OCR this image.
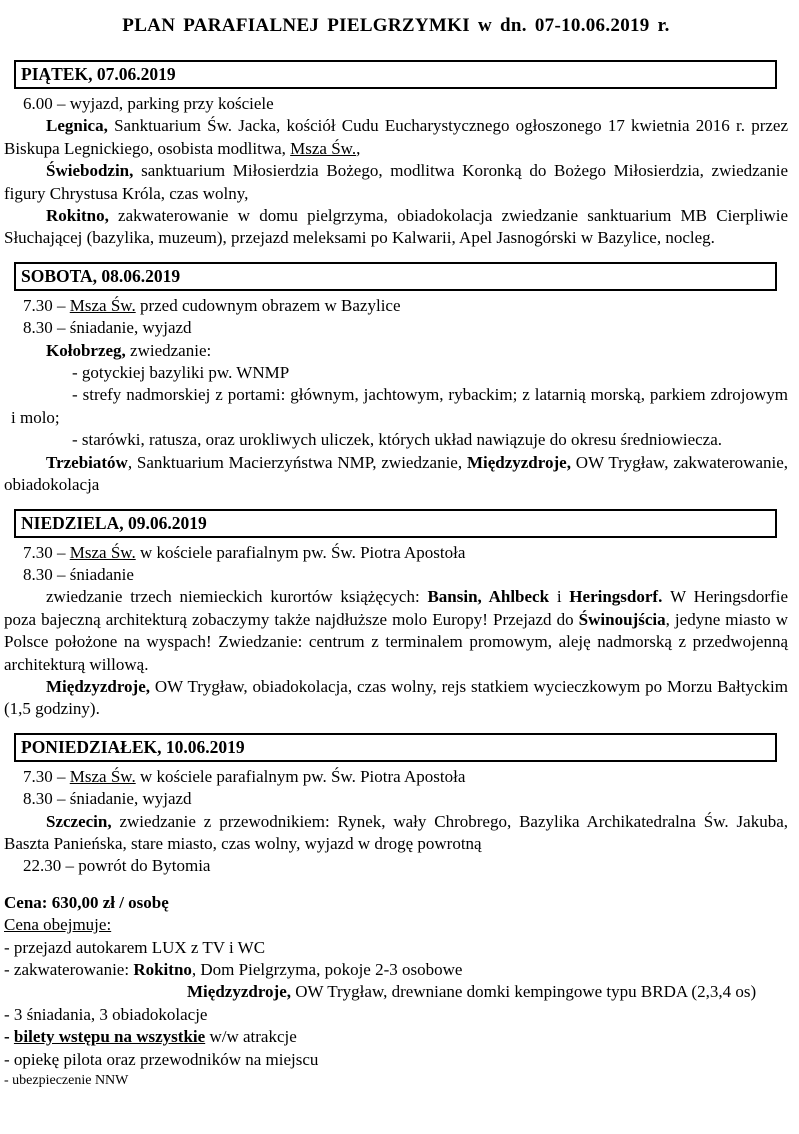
PLAN PARAFIALNEJ PIELGRZYMKI w dn. 07-10.06.2019 r.
PIĄTEK, 07.06.2019

6.00 – wyjazd, parking przy kościele

Legnica, Sanktuarium Św. Jacka, kościół Cudu Eucharystycznego ogłoszonego 17 kwietnia 2016 r. przez Biskupa Legnickiego, osobista modlitwa, Msza Św.,

Świebodzin, sanktuarium Miłosierdzia Bożego, modlitwa Koronką do Bożego Miłosierdzia, zwiedzanie figury Chrystusa Króla, czas wolny,

Rokitno, zakwaterowanie w domu pielgrzyma, obiadokolacja zwiedzanie sanktuarium MB Cierpliwie Słuchającej (bazylika, muzeum), przejazd meleksami po Kalwarii, Apel Jasnogórski w Bazylice, nocleg.

SOBOTA, 08.06.2019

7.30 – Msza Św. przed cudownym obrazem w Bazylice

8.30 – śniadanie, wyjazd

Kołobrzeg, zwiedzanie:

- gotyckiej bazyliki pw. WNMP

- strefy nadmorskiej z portami: głównym, jachtowym, rybackim; z latarnią morską, parkiem zdrojowym i molo;

- starówki, ratusza, oraz urokliwych uliczek, których układ nawiązuje do okresu średniowiecza.

Trzebiatów, Sanktuarium Macierzyństwa NMP, zwiedzanie, Międzyzdroje, OW Trygław, zakwaterowanie, obiadokolacja

NIEDZIELA, 09.06.2019

7.30 – Msza Św. w kościele parafialnym pw. Św. Piotra Apostoła

8.30 – śniadanie

zwiedzanie trzech niemieckich kurortów książęcych: Bansin, Ahlbeck i Heringsdorf. W Heringsdorfie poza bajeczną architekturą zobaczymy także najdłuższe molo Europy! Przejazd do Świnoujścia, jedyne miasto w Polsce położone na wyspach! Zwiedzanie: centrum z terminalem promowym, aleję nadmorską z przedwojenną architekturą willową.

Międzyzdroje, OW Trygław, obiadokolacja, czas wolny, rejs statkiem wycieczkowym po Morzu Bałtyckim (1,5 godziny).

PONIEDZIAŁEK, 10.06.2019

7.30 – Msza Św. w kościele parafialnym pw. Św. Piotra Apostoła

8.30 – śniadanie, wyjazd

Szczecin, zwiedzanie z przewodnikiem: Rynek, wały Chrobrego, Bazylika Archikatedralna Św. Jakuba, Baszta Panieńska, stare miasto, czas wolny, wyjazd w drogę powrotną

22.30 – powrót do Bytomia

Cena: 630,00 zł / osobę

Cena obejmuje:

- przejazd autokarem LUX z TV i WC

- zakwaterowanie: Rokitno, Dom Pielgrzyma, pokoje 2-3 osobowe

Międzyzdroje, OW Trygław, drewniane domki kempingowe typu BRDA (2,3,4 os)

- 3 śniadania, 3 obiadokolacje

- bilety wstępu na wszystkie w/w atrakcje

- opiekę pilota oraz przewodników na miejscu

- ubezpieczenie NNW
